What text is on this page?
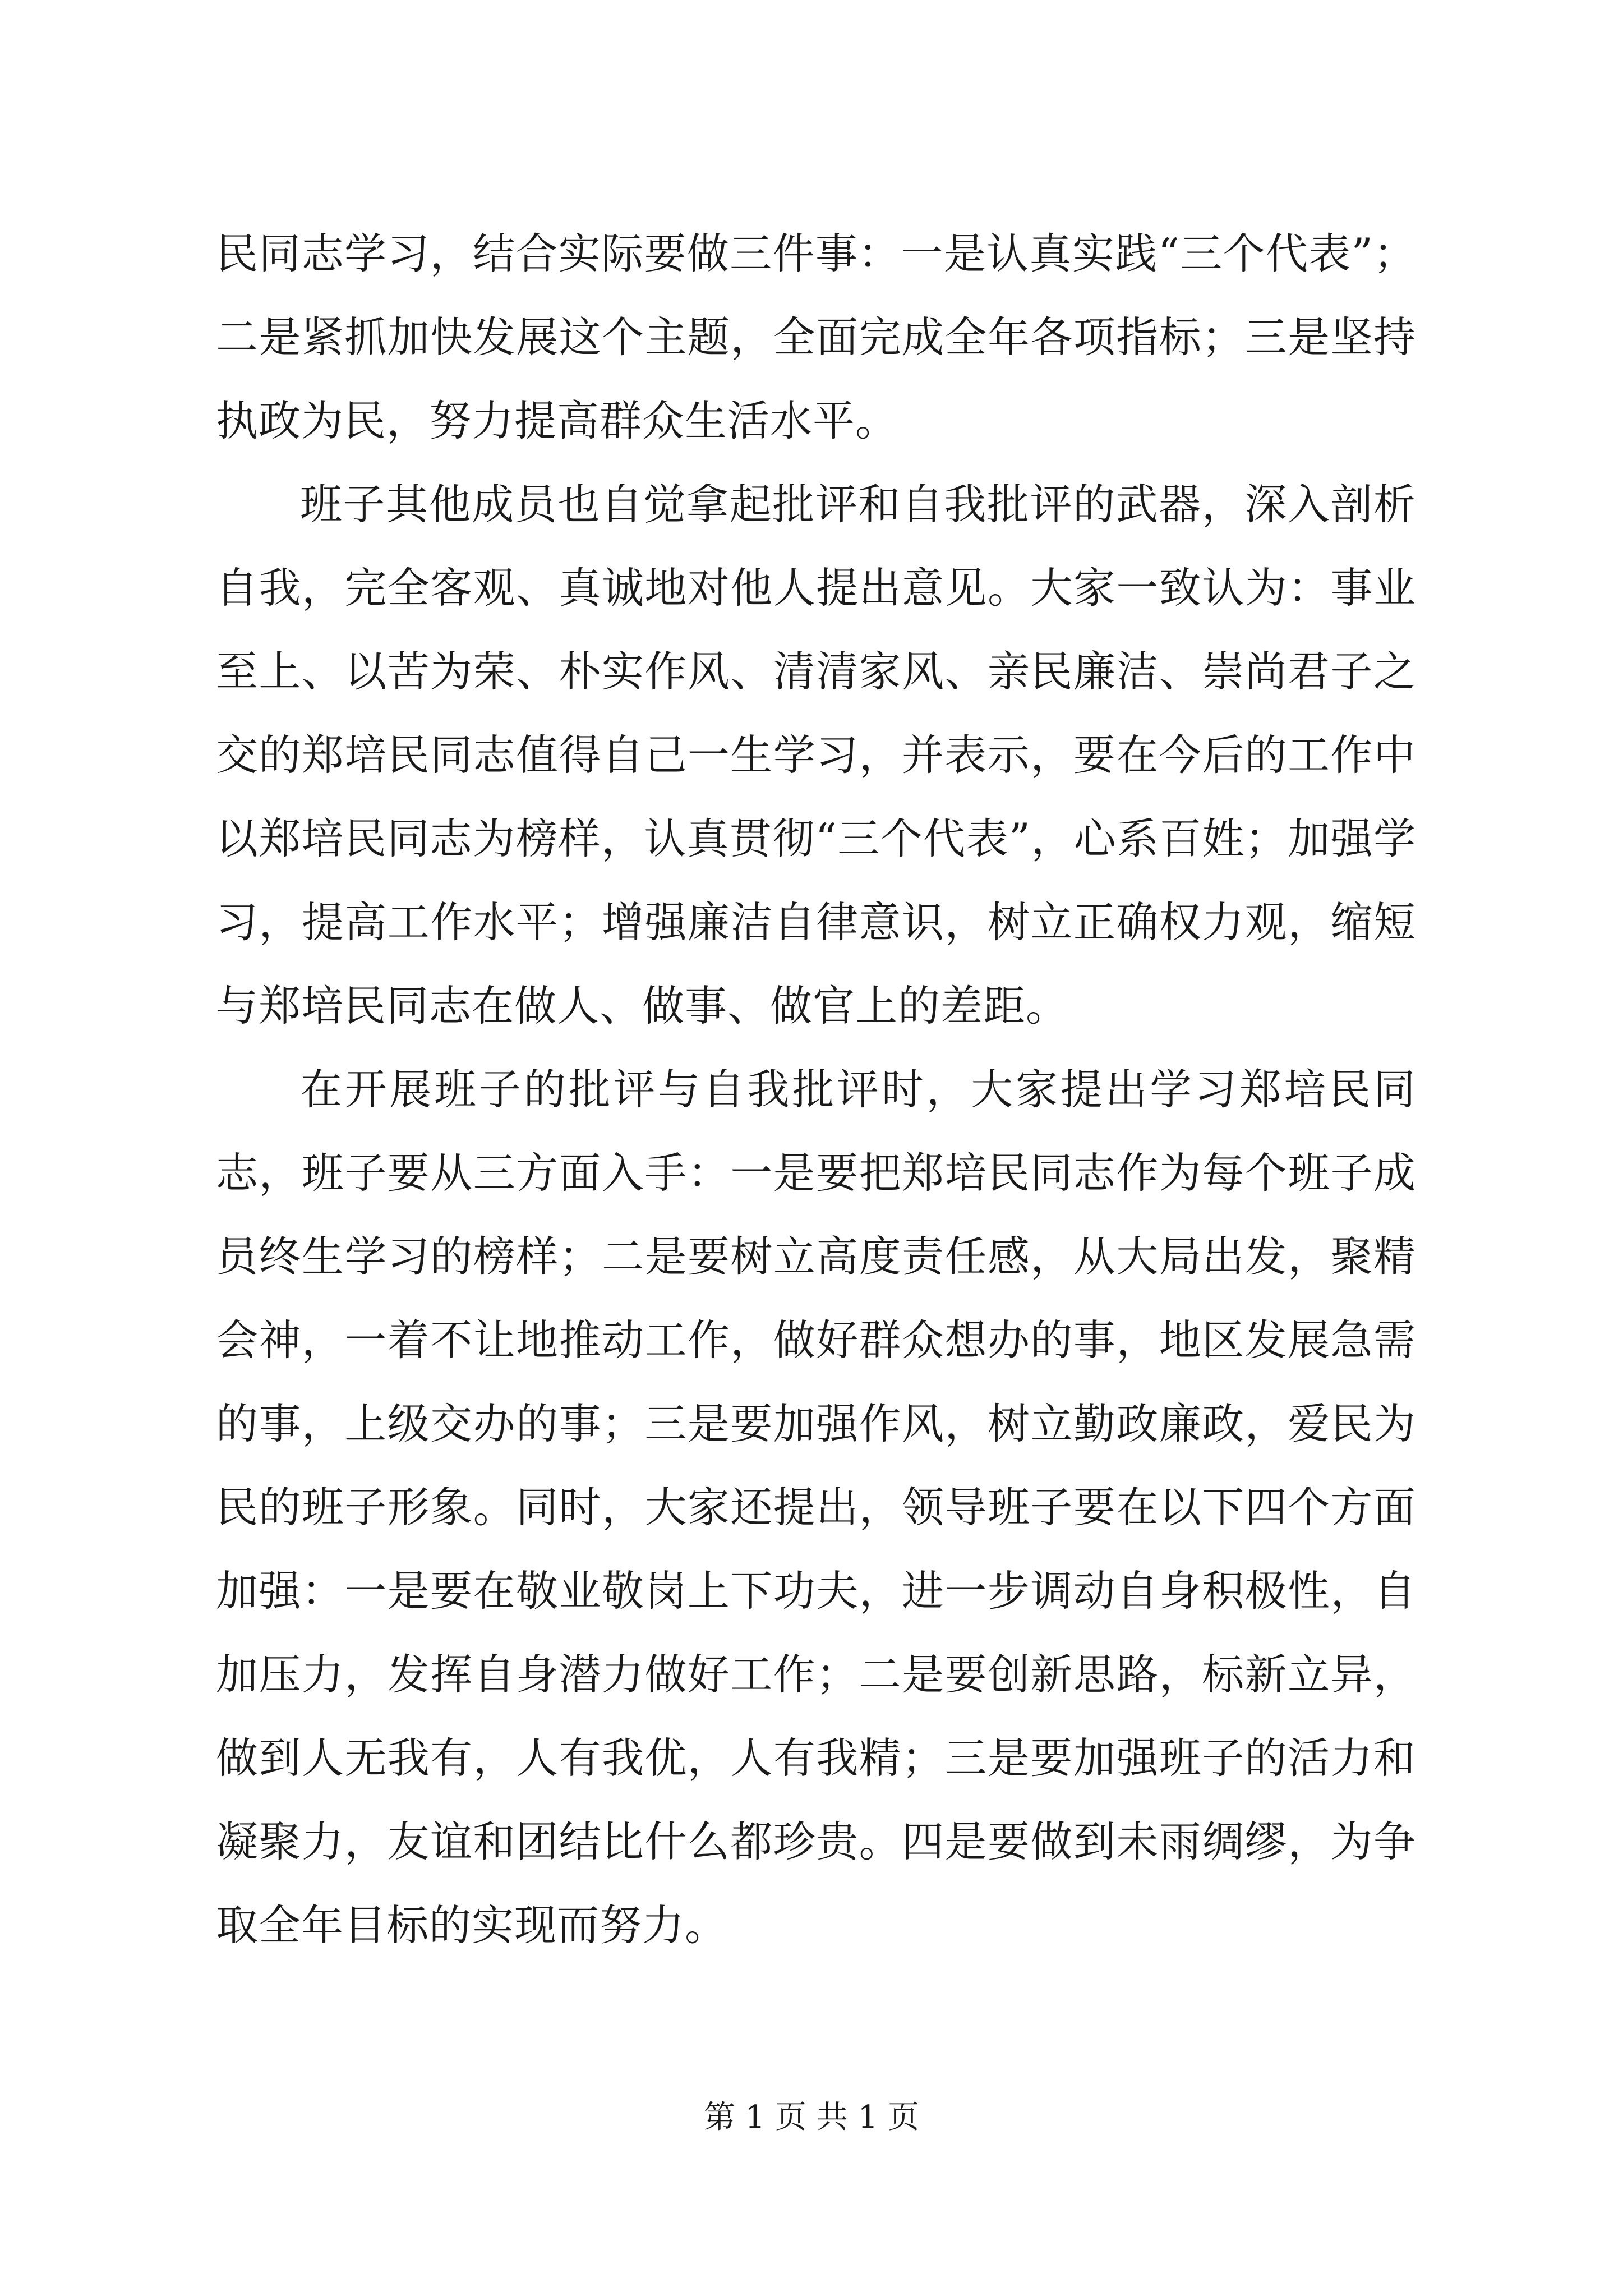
民同志学习，结合实际要做三件事：一是认真实践“三个代表”；二是紧抓加快发展这个主题，全面完成全年各项指标；三是坚持执政为民，努力提高群众生活水平。

班子其他成员也自觉拿起批评和自我批评的武器，深入剖析自我，完全客观、真诚地对他人提出意见。大家一致认为：事业至上、以苦为荣、朴实作风、清清家风、亲民廉洁、崇尚君子之交的郑培民同志值得自己一生学习，并表示，要在今后的工作中以郑培民同志为榜样，认真贯彻“三个代表”，心系百姓；加强学习，提高工作水平；增强廉洁自律意识，树立正确权力观，缩短与郑培民同志在做人、做事、做官上的差距。

在开展班子的批评与自我批评时，大家提出学习郑培民同志，班子要从三方面入手：一是要把郑培民同志作为每个班子成员终生学习的榜样；二是要树立高度责任感，从大局出发，聚精会神，一着不让地推动工作，做好群众想办的事，地区发展急需的事，上级交办的事；三是要加强作风，树立勤政廉政，爱民为民的班子形象。同时，大家还提出，领导班子要在以下四个方面加强：一是要在敬业敬岗上下功夫，进一步调动自身积极性，自加压力，发挥自身潜力做好工作；二是要创新思路，标新立异，做到人无我有，人有我优，人有我精；三是要加强班子的活力和凝聚力，友谊和团结比什么都珍贵。四是要做到未雨绸缪，为争取全年目标的实现而努力。

第 1 页 共 1 页
